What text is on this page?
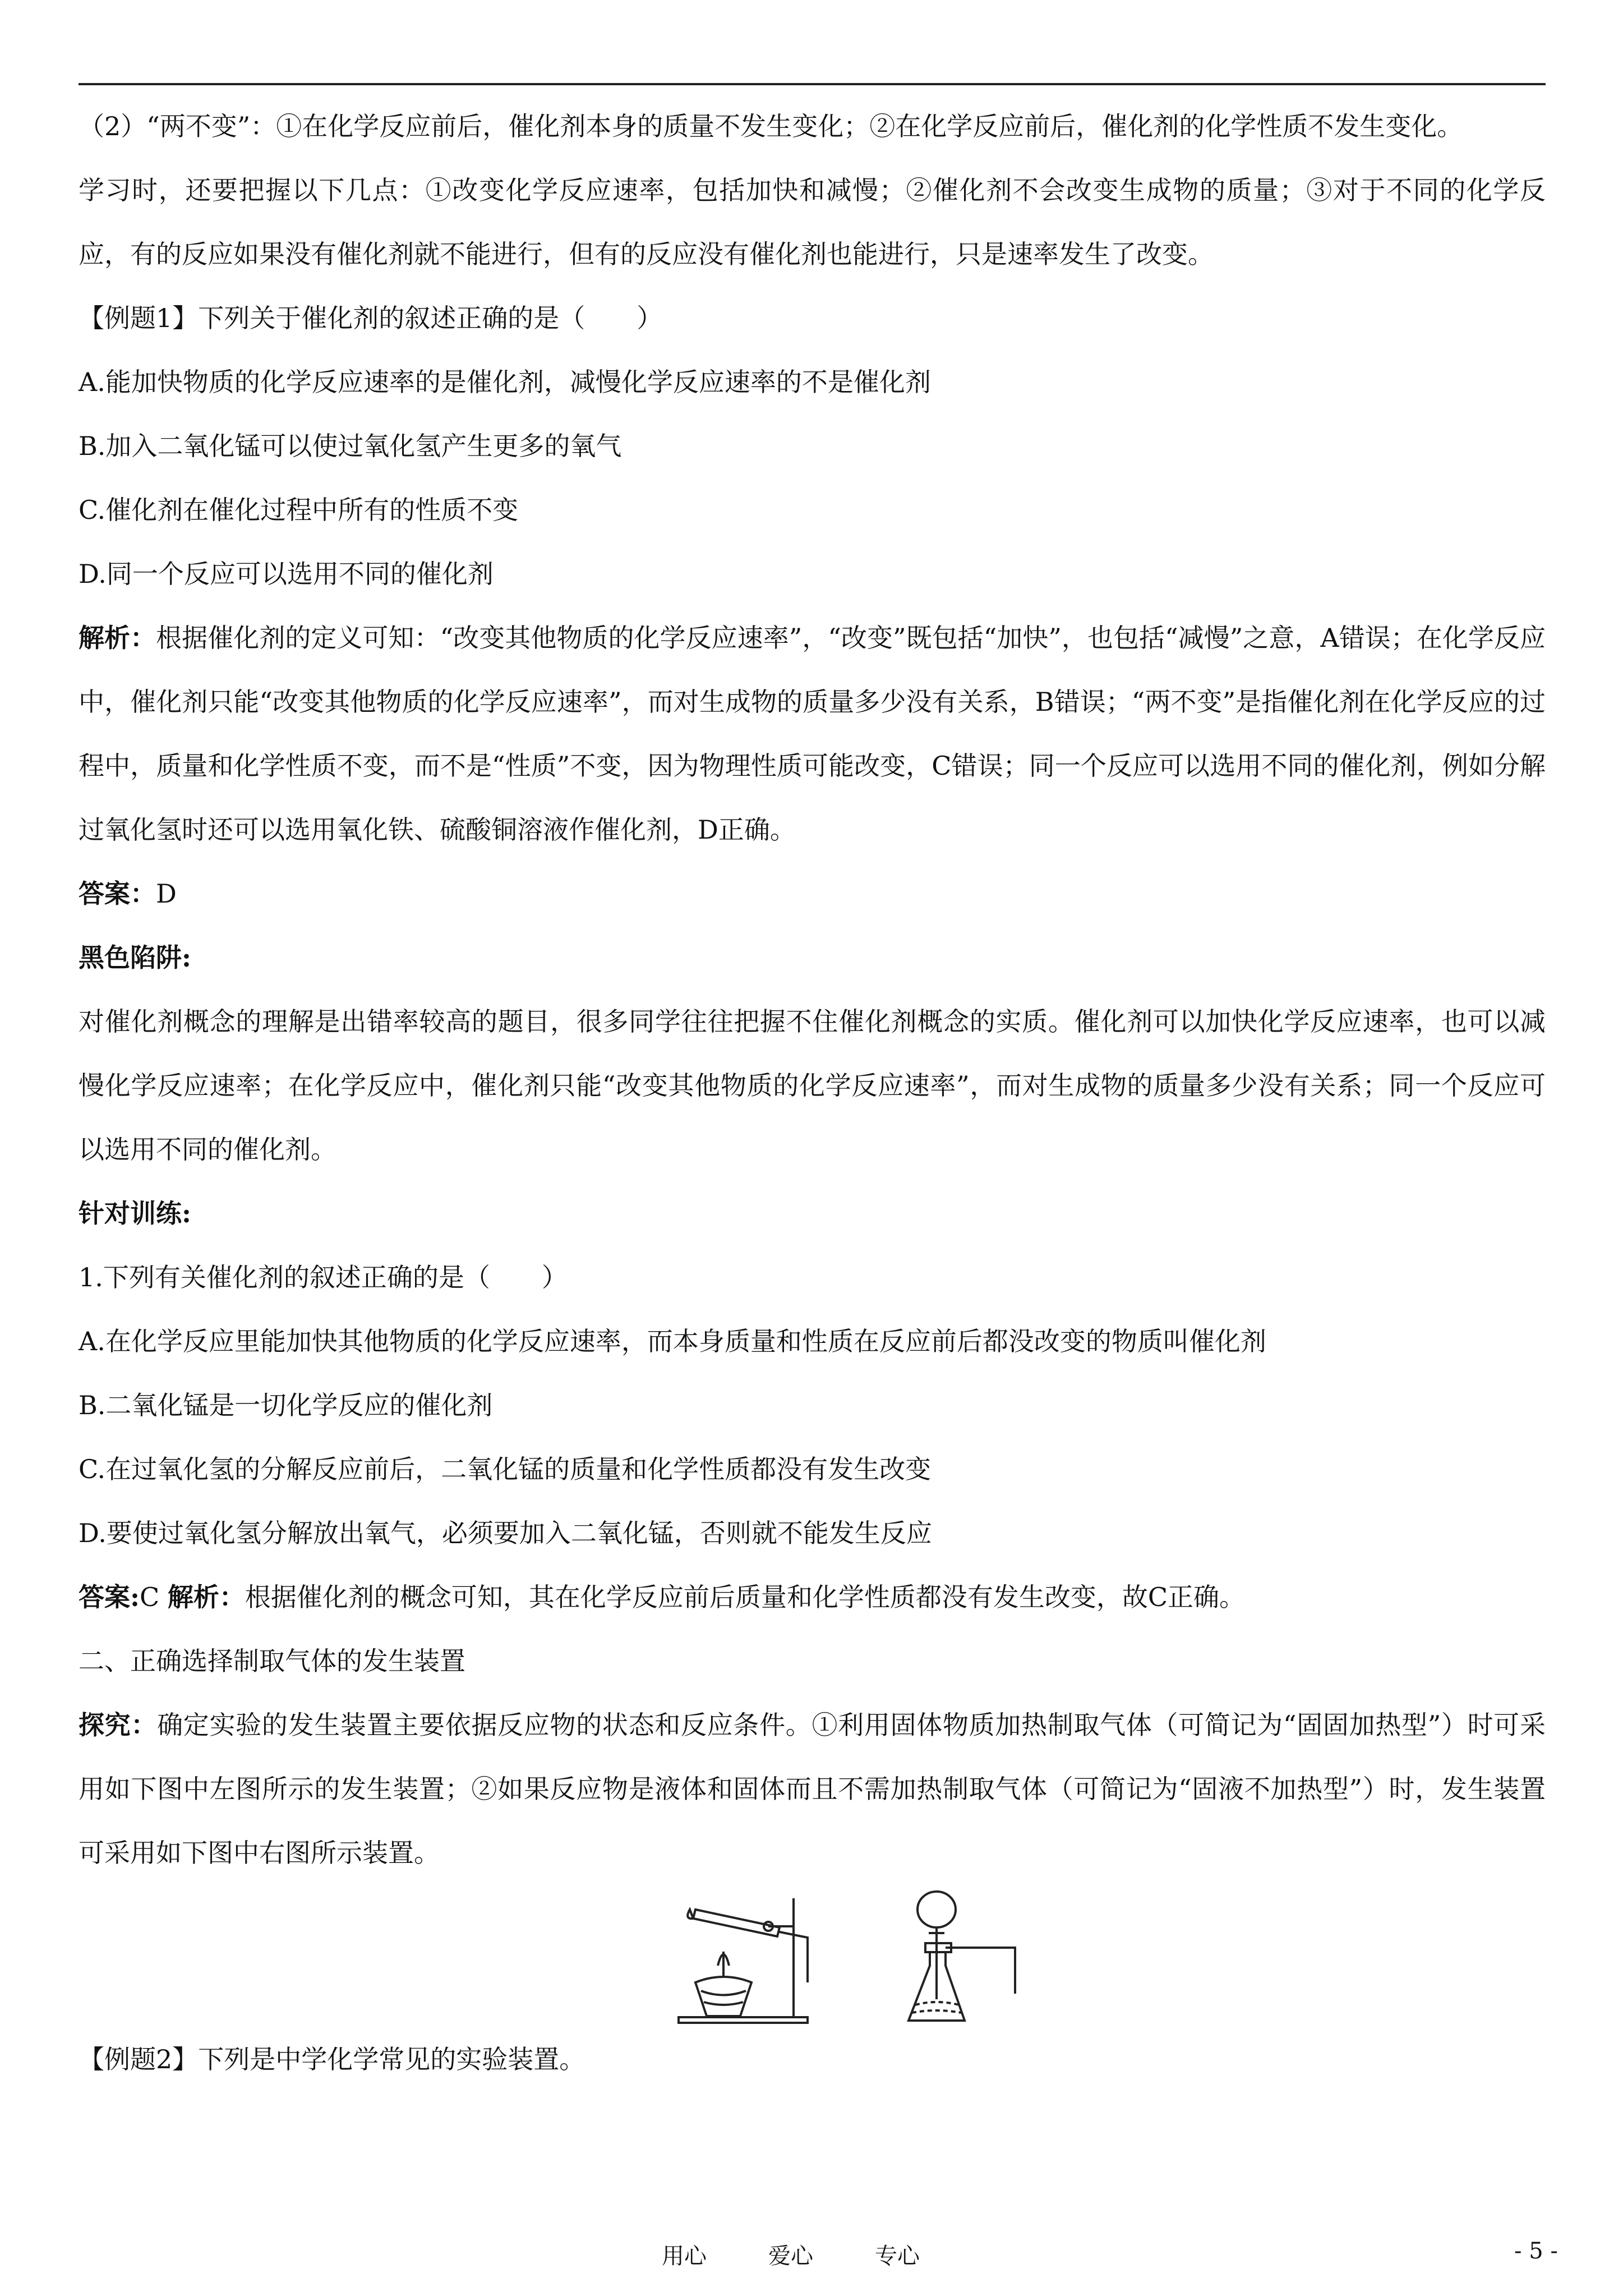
（2）“两不变”：①在化学反应前后，催化剂本身的质量不发生变化；②在化学反应前后，催化剂的化学性质不发生变化。

学习时，还要把握以下几点：①改变化学反应速率，包括加快和减慢；②催化剂不会改变生成物的质量；③对于不同的化学反应，有的反应如果没有催化剂就不能进行，但有的反应没有催化剂也能进行，只是速率发生了改变。

【例题1】下列关于催化剂的叙述正确的是（　　）

A.能加快物质的化学反应速率的是催化剂，减慢化学反应速率的不是催化剂

B.加入二氧化锰可以使过氧化氢产生更多的氧气

C.催化剂在催化过程中所有的性质不变

D.同一个反应可以选用不同的催化剂

解析：根据催化剂的定义可知：“改变其他物质的化学反应速率”，“改变”既包括“加快”，也包括“减慢”之意，A错误；在化学反应中，催化剂只能“改变其他物质的化学反应速率”，而对生成物的质量多少没有关系，B错误；“两不变”是指催化剂在化学反应的过程中，质量和化学性质不变，而不是“性质”不变，因为物理性质可能改变，C错误；同一个反应可以选用不同的催化剂，例如分解过氧化氢时还可以选用氧化铁、硫酸铜溶液作催化剂，D正确。

答案：D

黑色陷阱:

对催化剂概念的理解是出错率较高的题目，很多同学往往把握不住催化剂概念的实质。催化剂可以加快化学反应速率，也可以减慢化学反应速率；在化学反应中，催化剂只能“改变其他物质的化学反应速率”，而对生成物的质量多少没有关系；同一个反应可以选用不同的催化剂。

针对训练:

1.下列有关催化剂的叙述正确的是（　　）

A.在化学反应里能加快其他物质的化学反应速率，而本身质量和性质在反应前后都没改变的物质叫催化剂

B.二氧化锰是一切化学反应的催化剂

C.在过氧化氢的分解反应前后，二氧化锰的质量和化学性质都没有发生改变

D.要使过氧化氢分解放出氧气，必须要加入二氧化锰，否则就不能发生反应

答案:C 解析：根据催化剂的概念可知，其在化学反应前后质量和化学性质都没有发生改变，故C正确。

二、正确选择制取气体的发生装置

探究：确定实验的发生装置主要依据反应物的状态和反应条件。①利用固体物质加热制取气体（可简记为“固固加热型”）时可采用如下图中左图所示的发生装置；②如果反应物是液体和固体而且不需加热制取气体（可简记为“固液不加热型”）时，发生装置可采用如下图中右图所示装置。

【例题2】下列是中学化学常见的实验装置。

用心	爱心	专心	- 5 -
